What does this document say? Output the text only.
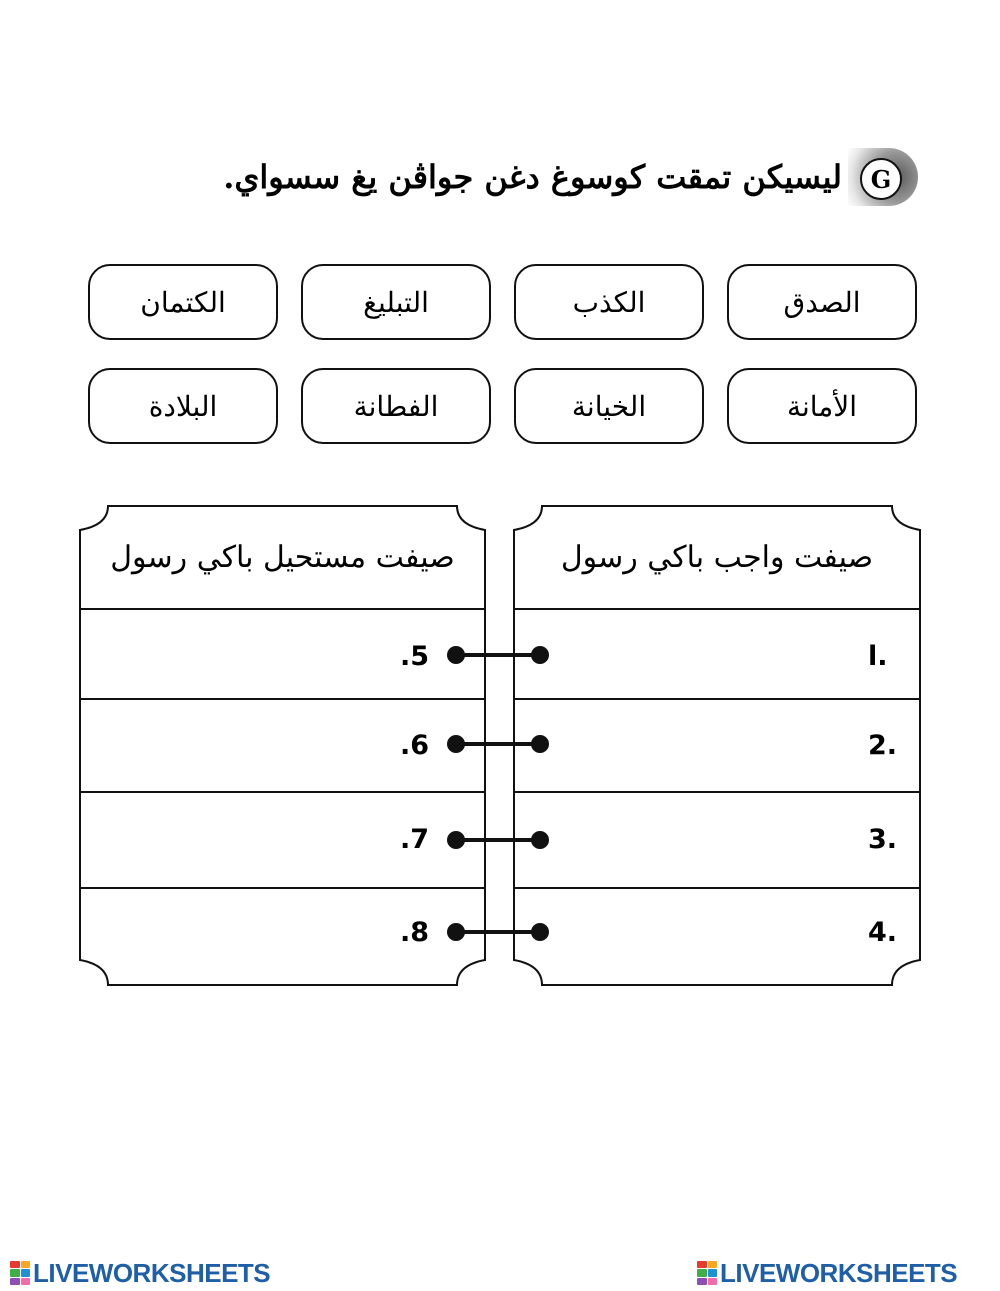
G
ليسيكن تمقت كوسوغ دغن جواڤن يغ سسواي.
الصدق
الكذب
التبليغ
الكتمان
الأمانة
الخيانة
الفطانة
البلادة
صيفت واجب باكي رسول
صيفت مستحيل باكي رسول
ا.
2.
3.
4.
.5
.6
.7
.8
LIVEWORKSHEETS	LIVEWORKSHEETS
